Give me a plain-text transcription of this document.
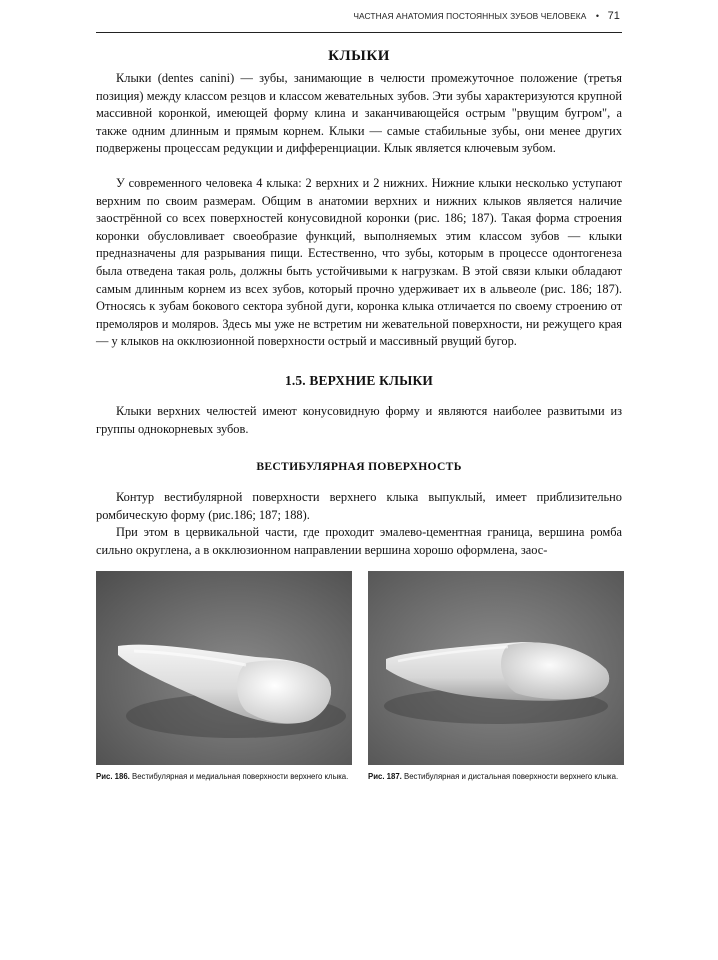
ЧАСТНАЯ АНАТОМИЯ ПОСТОЯННЫХ ЗУБОВ ЧЕЛОВЕКА • 71
КЛЫКИ

Клыки (dentes canini) — зубы, занимающие в челюсти промежуточное положение (третья позиция) между классом резцов и классом жевательных зубов. Эти зубы характеризуются крупной массивной коронкой, имеющей форму клина и заканчивающейся острым "рвущим бугром", а также одним длинным и прямым корнем. Клыки — самые стабильные зубы, они менее других подвержены процессам редукции и дифференциации. Клык является ключевым зубом.

У современного человека 4 клыка: 2 верхних и 2 нижних. Нижние клыки несколько уступают верхним по своим размерам. Общим в анатомии верхних и нижних клыков является наличие заострённой со всех поверхностей конусовидной коронки (рис. 186; 187). Такая форма строения коронки обусловливает своеобразие функций, выполняемых этим классом зубов — клыки предназначены для разрывания пищи. Естественно, что зубы, которым в процессе одонтогенеза была отведена такая роль, должны быть устойчивыми к нагрузкам. В этой связи клыки обладают самым длинным корнем из всех зубов, который прочно удерживает их в альвеоле (рис. 186; 187). Относясь к зубам бокового сектора зубной дуги, коронка клыка отличается по своему строению от премоляров и моляров. Здесь мы уже не встретим ни жевательной поверхности, ни режущего края — у клыков на окклюзионной поверхности острый и массивный рвущий бугор.

1.5. ВЕРХНИЕ КЛЫКИ

Клыки верхних челюстей имеют конусовидную форму и являются наиболее развитыми из группы однокорневых зубов.

ВЕСТИБУЛЯРНАЯ ПОВЕРХНОСТЬ

Контур вестибулярной поверхности верхнего клыка выпуклый, имеет приблизительно ромбическую форму (рис.186; 187; 188).

При этом в цервикальной части, где проходит эмалево-цементная граница, вершина ромба сильно округлена, а в окклюзионном направлении вершина хорошо оформлена, заос-

Рис. 186. Вестибулярная и медиальная поверхности верхнего клыка.	Рис. 187. Вестибулярная и дистальная поверхности верхнего клыка.
